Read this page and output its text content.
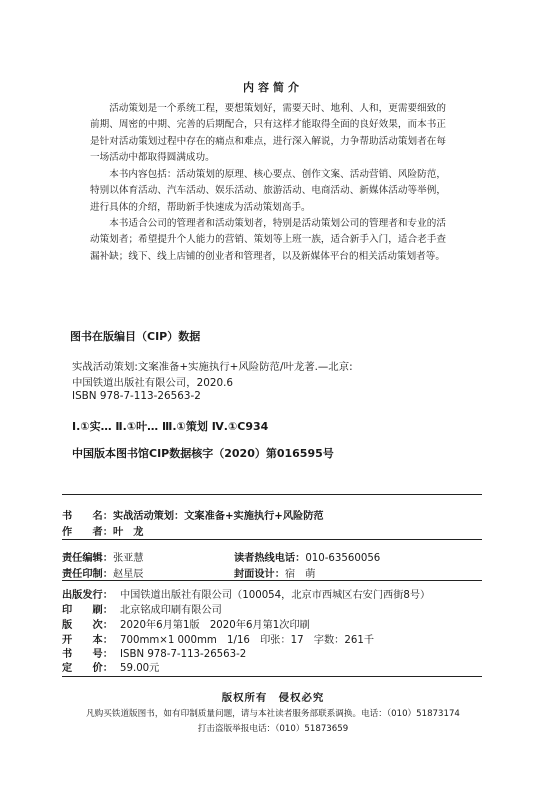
内容简介
活动策划是一个系统工程，要想策划好，需要天时、地利、人和，更需要细致的前期、周密的中期、完善的后期配合，只有这样才能取得全面的良好效果，而本书正是针对活动策划过程中存在的痛点和难点，进行深入解说，力争帮助活动策划者在每一场活动中都取得圆满成功。
本书内容包括：活动策划的原理、核心要点、创作文案、活动营销、风险防范，特别以体育活动、汽车活动、娱乐活动、旅游活动、电商活动、新媒体活动等举例，进行具体的介绍，帮助新手快速成为活动策划高手。
本书适合公司的管理者和活动策划者，特别是活动策划公司的管理者和专业的活动策划者；希望提升个人能力的营销、策划等上班一族，适合新手入门，适合老手查漏补缺；线下、线上店铺的创业者和管理者，以及新媒体平台的相关活动策划者等。
图书在版编目（CIP）数据
实战活动策划:文案准备+实施执行+风险防范/叶龙著.—北京:
中国铁道出版社有限公司，2020.6
ISBN 978-7-113-26563-2
Ⅰ.①实… Ⅱ.①叶… Ⅲ.①策划 Ⅳ.①C934
中国版本图书馆CIP数据核字（2020）第016595号
书　　名：实战活动策划：文案准备+实施执行+风险防范
作　　者：叶　龙
责任编辑：张亚慧	读者热线电话：010-63560056
责任印制：赵星辰	封面设计：宿　萌
出版发行： 中国铁道出版社有限公司（100054，北京市西城区右安门西街8号）
印　　刷： 北京铭成印刷有限公司
版　　次： 2020年6月第1版　2020年6月第1次印刷
开　　本： 700mm×1 000mm　1/16　印张：17　字数：261千
书　　号： ISBN 978-7-113-26563-2
定　　价： 59.00元
版权所有　侵权必究
凡购买铁道版图书，如有印制质量问题，请与本社读者服务部联系调换。电话：（010）51873174
打击盗版举报电话：（010）51873659
